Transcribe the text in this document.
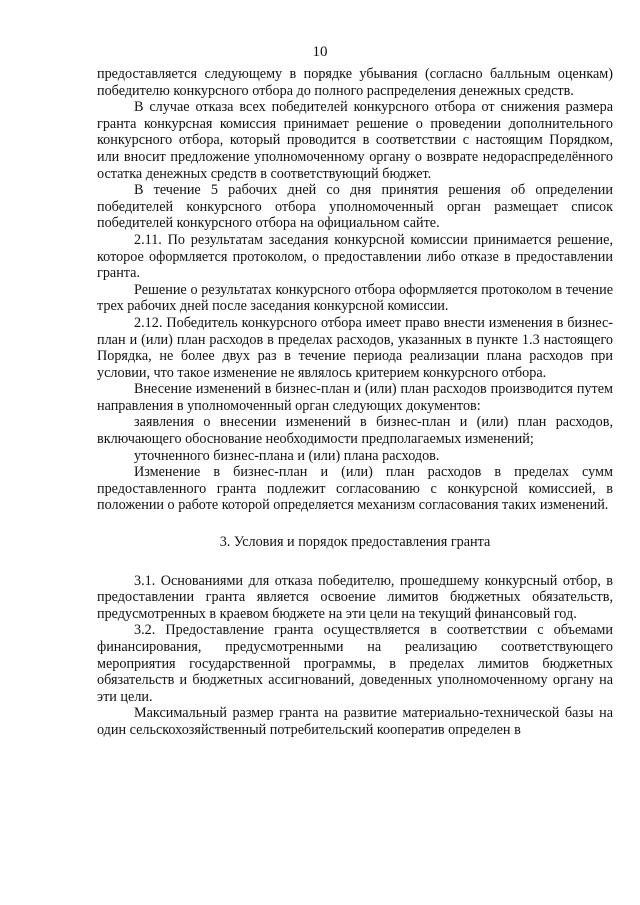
10

предоставляется следующему в порядке убывания (согласно балльным оценкам) победителю конкурсного отбора до полного распределения денежных средств.

В случае отказа всех победителей конкурсного отбора от снижения размера гранта конкурсная комиссия принимает решение о проведении дополнительного конкурсного отбора, который проводится в соответствии с настоящим Порядком, или вносит предложение уполномоченному органу о возврате недораспределённого остатка денежных средств в соответствующий бюджет.

В течение 5 рабочих дней со дня принятия решения об определении победителей конкурсного отбора уполномоченный орган размещает список победителей конкурсного отбора на официальном сайте.

2.11. По результатам заседания конкурсной комиссии принимается решение, которое оформляется протоколом, о предоставлении либо отказе в предоставлении гранта.

Решение о результатах конкурсного отбора оформляется протоколом в течение трех рабочих дней после заседания конкурсной комиссии.

2.12. Победитель конкурсного отбора имеет право внести изменения в бизнес-план и (или) план расходов в пределах расходов, указанных в пункте 1.3 настоящего Порядка, не более двух раз в течение периода реализации плана расходов при условии, что такое изменение не являлось критерием конкурсного отбора.

Внесение изменений в бизнес-план и (или) план расходов производится путем направления в уполномоченный орган следующих документов:

заявления о внесении изменений в бизнес-план и (или) план расходов, включающего обоснование необходимости предполагаемых изменений;

уточненного бизнес-плана и (или) плана расходов.

Изменение в бизнес-план и (или) план расходов в пределах сумм предоставленного гранта подлежит согласованию с конкурсной комиссией, в положении о работе которой определяется механизм согласования таких изменений.

3. Условия и порядок предоставления гранта

3.1. Основаниями для отказа победителю, прошедшему конкурсный отбор, в предоставлении гранта является освоение лимитов бюджетных обязательств, предусмотренных в краевом бюджете на эти цели на текущий финансовый год.

3.2. Предоставление гранта осуществляется в соответствии с объемами финансирования, предусмотренными на реализацию соответствующего мероприятия государственной программы, в пределах лимитов бюджетных обязательств и бюджетных ассигнований, доведенных уполномоченному органу на эти цели.

Максимальный размер гранта на развитие материально-технической базы на один сельскохозяйственный потребительский кооператив определен в
